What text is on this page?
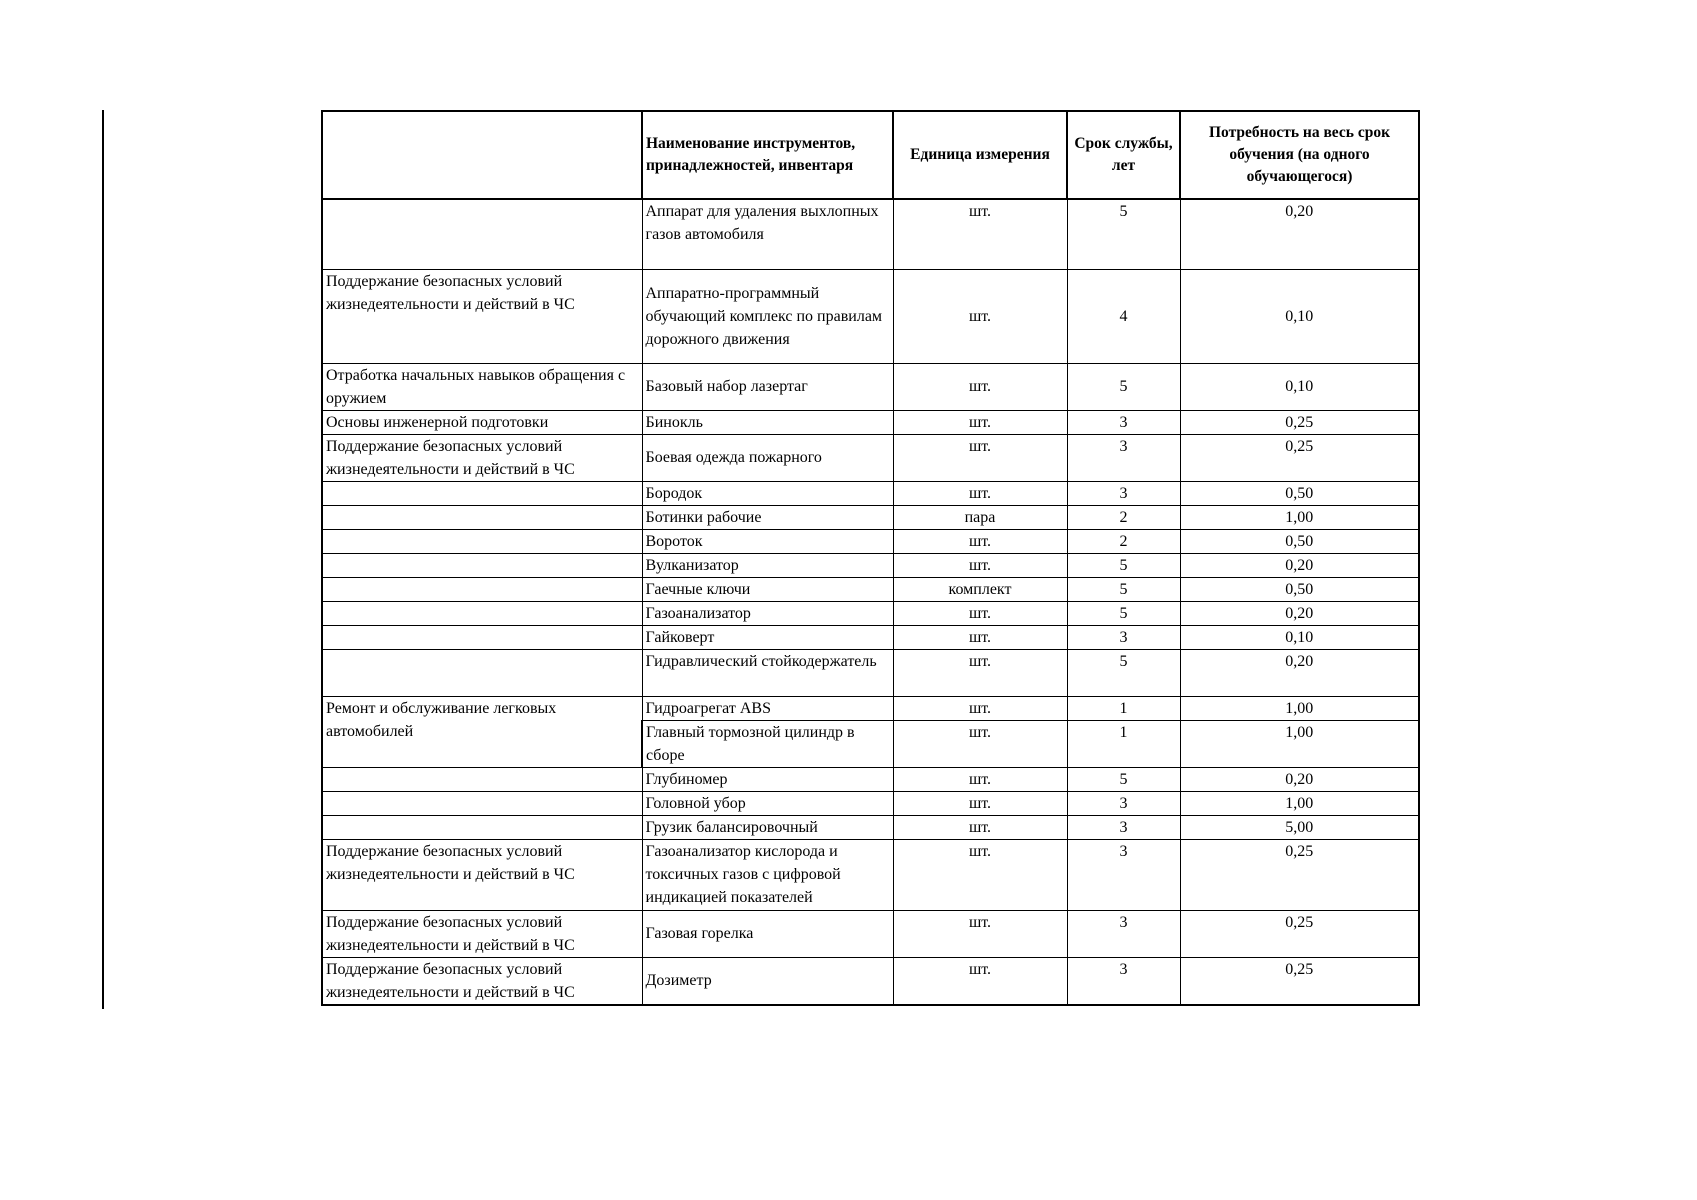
	Наименование инструментов, принадлежностей, инвентаря	Единица измерения	Срок службы, лет	Потребность на весь срок обучения (на одного обучающегося)
	Аппарат для удаления выхлопных газов автомобиля	шт.	5	0,20
Поддержание безопасных условий жизнедеятельности и действий в ЧС	Аппаратно-программный обучающий комплекс по правилам дорожного движения	шт.	4	0,10
Отработка начальных навыков обращения с оружием	Базовый набор лазертаг	шт.	5	0,10
Основы инженерной подготовки	Бинокль	шт.	3	0,25
Поддержание безопасных условий жизнедеятельности и действий в ЧС	Боевая одежда пожарного	шт.	3	0,25
	Бородок	шт.	3	0,50
	Ботинки рабочие	пара	2	1,00
	Вороток	шт.	2	0,50
	Вулканизатор	шт.	5	0,20
	Гаечные ключи	комплект	5	0,50
	Газоанализатор	шт.	5	0,20
	Гайковерт	шт.	3	0,10
	Гидравлический стойкодержатель	шт.	5	0,20
Ремонт и обслуживание легковых автомобилей	Гидроагрегат ABS	шт.	1	1,00
	Главный тормозной цилиндр в сборе	шт.	1	1,00
	Глубиномер	шт.	5	0,20
	Головной убор	шт.	3	1,00
	Грузик балансировочный	шт.	3	5,00
Поддержание безопасных условий жизнедеятельности и действий в ЧС	Газоанализатор кислорода и токсичных газов с цифровой индикацией показателей	шт.	3	0,25
Поддержание безопасных условий жизнедеятельности и действий в ЧС	Газовая горелка	шт.	3	0,25
Поддержание безопасных условий жизнедеятельности и действий в ЧС	Дозиметр	шт.	3	0,25
